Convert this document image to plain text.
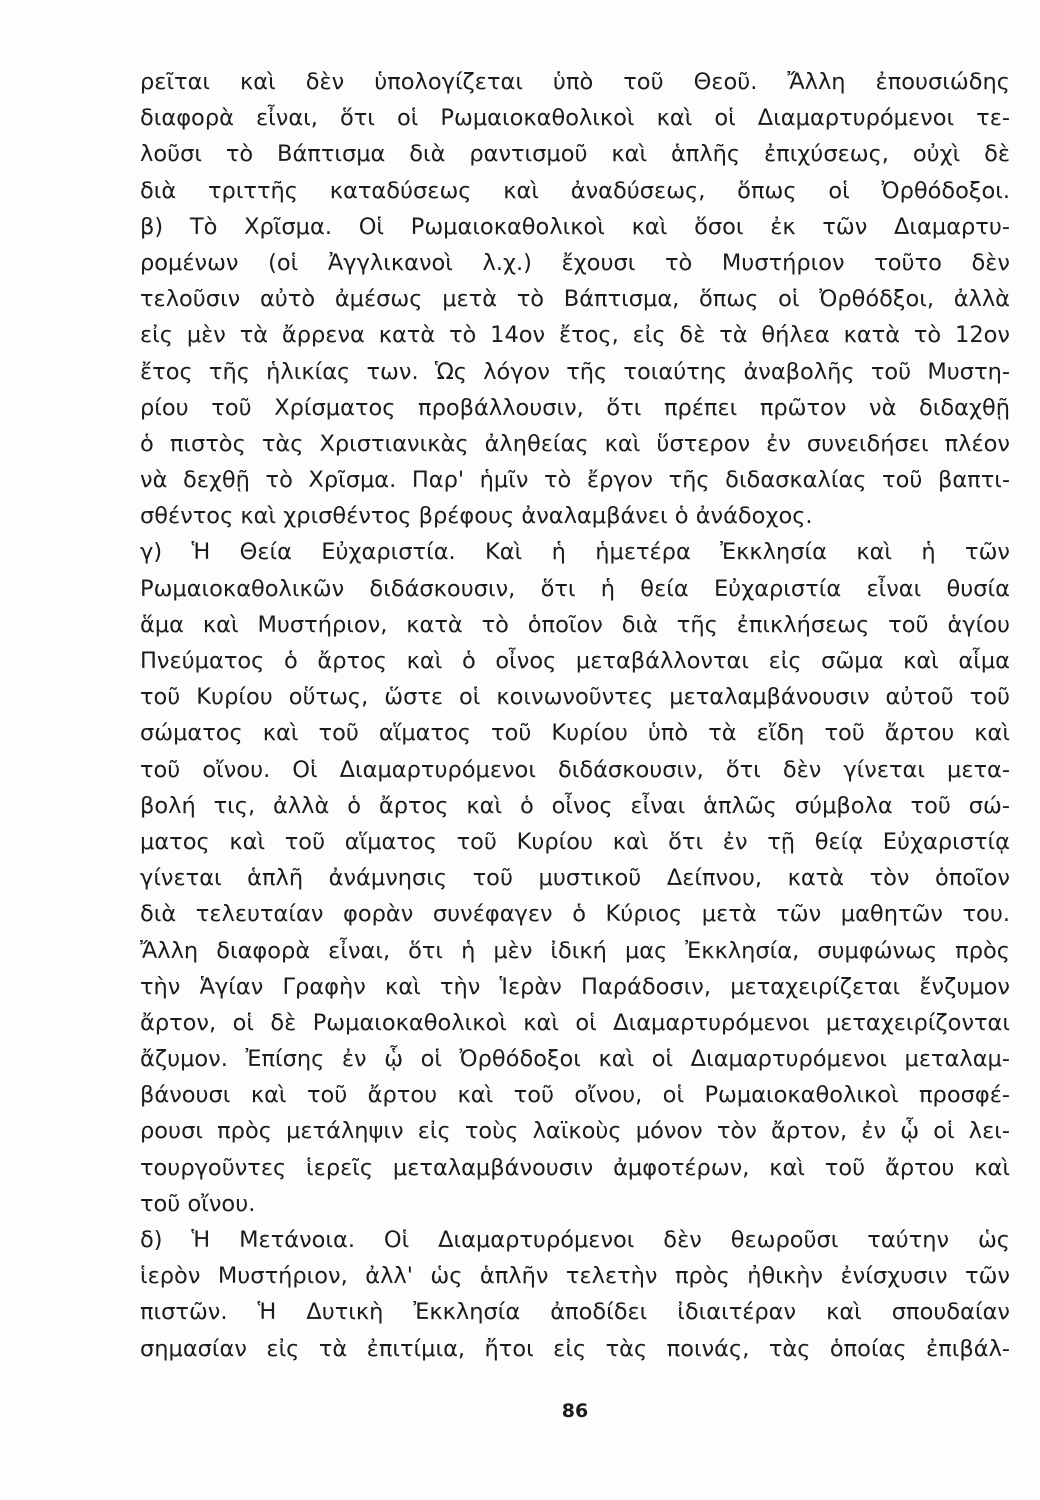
ρεῖται καὶ δὲν ὑπολογίζεται ὑπὸ τοῦ Θεοῦ. Ἄλλη ἐπουσιώδης
διαφορὰ εἶναι, ὅτι οἱ Ρωμαιοκαθολικοὶ καὶ οἱ Διαμαρτυρόμενοι τε-
λοῦσι τὸ Βάπτισμα διὰ ραντισμοῦ καὶ ἁπλῆς ἐπιχύσεως, οὐχὶ δὲ
διὰ τριττῆς καταδύσεως καὶ ἀναδύσεως, ὅπως οἱ Ὀρθόδοξοι.
β) Τὸ Χρῖσμα. Οἱ Ρωμαιοκαθολικοὶ καὶ ὅσοι ἐκ τῶν Διαμαρτυ-
ρομένων (οἱ Ἀγγλικανοὶ λ.χ.) ἔχουσι τὸ Μυστήριον τοῦτο δὲν
τελοῦσιν αὐτὸ ἀμέσως μετὰ τὸ Βάπτισμα, ὅπως οἱ Ὀρθόδξοι, ἀλλὰ
εἰς μὲν τὰ ἄρρενα κατὰ τὸ 14ον ἔτος, εἰς δὲ τὰ θήλεα κατὰ τὸ 12ον
ἔτος τῆς ἡλικίας των. Ὡς λόγον τῆς τοιαύτης ἀναβολῆς τοῦ Μυστη-
ρίου τοῦ Χρίσματος προβάλλουσιν, ὅτι πρέπει πρῶτον νὰ διδαχθῇ
ὁ πιστὸς τὰς Χριστιανικὰς ἀληθείας καὶ ὕστερον ἐν συνειδήσει πλέον
νὰ δεχθῇ τὸ Χρῖσμα. Παρ' ἡμῖν τὸ ἔργον τῆς διδασκαλίας τοῦ βαπτι-
σθέντος καὶ χρισθέντος βρέφους ἀναλαμβάνει ὁ ἀνάδοχος.
γ) Ἡ Θεία Εὐχαριστία. Καὶ ἡ ἡμετέρα Ἐκκλησία καὶ ἡ τῶν
Ρωμαιοκαθολικῶν διδάσκουσιν, ὅτι ἡ θεία Εὐχαριστία εἶναι θυσία
ἅμα καὶ Μυστήριον, κατὰ τὸ ὁποῖον διὰ τῆς ἐπικλήσεως τοῦ ἁγίου
Πνεύματος ὁ ἄρτος καὶ ὁ οἶνος μεταβάλλονται εἰς σῶμα καὶ αἷμα
τοῦ Κυρίου οὕτως, ὥστε οἱ κοινωνοῦντες μεταλαμβάνουσιν αὐτοῦ τοῦ
σώματος καὶ τοῦ αἵματος τοῦ Κυρίου ὑπὸ τὰ εἴδη τοῦ ἄρτου καὶ
τοῦ οἴνου. Οἱ Διαμαρτυρόμενοι διδάσκουσιν, ὅτι δὲν γίνεται μετα-
βολή τις, ἀλλὰ ὁ ἄρτος καὶ ὁ οἶνος εἶναι ἁπλῶς σύμβολα τοῦ σώ-
ματος καὶ τοῦ αἵματος τοῦ Κυρίου καὶ ὅτι ἐν τῇ θείᾳ Εὐχαριστίᾳ
γίνεται ἁπλῆ ἀνάμνησις τοῦ μυστικοῦ Δείπνου, κατὰ τὸν ὁποῖον
διὰ τελευταίαν φορὰν συνέφαγεν ὁ Κύριος μετὰ τῶν μαθητῶν του.
Ἄλλη διαφορὰ εἶναι, ὅτι ἡ μὲν ἰδική μας Ἐκκλησία, συμφώνως πρὸς
τὴν Ἁγίαν Γραφὴν καὶ τὴν Ἱερὰν Παράδοσιν, μεταχειρίζεται ἔνζυμον
ἄρτον, οἱ δὲ Ρωμαιοκαθολικοὶ καὶ οἱ Διαμαρτυρόμενοι μεταχειρίζονται
ἄζυμον. Ἐπίσης ἐν ᾧ οἱ Ὀρθόδοξοι καὶ οἱ Διαμαρτυρόμενοι μεταλαμ-
βάνουσι καὶ τοῦ ἄρτου καὶ τοῦ οἴνου, οἱ Ρωμαιοκαθολικοὶ προσφέ-
ρουσι πρὸς μετάληψιν εἰς τοὺς λαϊκοὺς μόνον τὸν ἄρτον, ἐν ᾧ οἱ λει-
τουργοῦντες ἱερεῖς μεταλαμβάνουσιν ἀμφοτέρων, καὶ τοῦ ἄρτου καὶ
τοῦ οἴνου.
δ) Ἡ Μετάνοια. Οἱ Διαμαρτυρόμενοι δὲν θεωροῦσι ταύτην ὡς
ἱερὸν Μυστήριον, ἀλλ' ὡς ἁπλῆν τελετὴν πρὸς ἠθικὴν ἐνίσχυσιν τῶν
πιστῶν. Ἡ Δυτικὴ Ἐκκλησία ἀποδίδει ἰδιαιτέραν καὶ σπουδαίαν
σημασίαν εἰς τὰ ἐπιτίμια, ἤτοι εἰς τὰς ποινάς, τὰς ὁποίας ἐπιβάλ-
86
